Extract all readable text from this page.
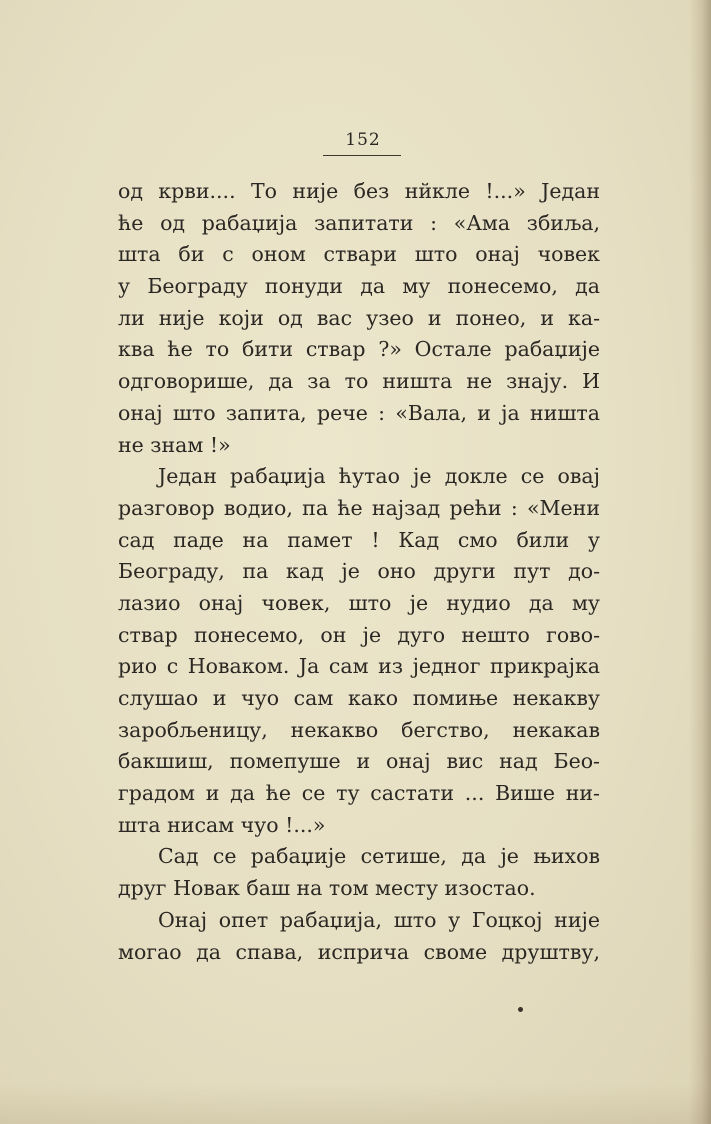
152
од крви.... То није без нйкле !...» Један
ће од рабаџија запитати : «Ама збиља,
шта би с оном ствари што онај човек
у Београду понуди да му понесемо, да
ли није који од вас узео и понео, и ка-
ква ће то бити ствар ?» Остале рабаџије
одговорише, да за то ништа не знају. И
онај што запита, рече : «Вала, и ја ништа
не знам !»
Један рабаџија ћутао је докле се овај
разговор водио, па ће најзад рећи : «Мени
сад паде на памет ! Кад смо били у
Београду, па кад је оно други пут до-
лазио онај човек, што је нудио да му
ствар понесемо, он је дуго нешто гово-
рио с Новаком. Ја сам из једног прикрајка
слушао и чуо сам како помиње некакву
заробљеницу, некакво бегство, некакав
бакшиш, помепуше и онај вис над Бео-
градом и да ће се ту састати ... Више ни-
шта нисам чуо !...»
Сад се рабаџије сетише, да је њихов
друг Новак баш на том месту изостао.
Онај опет рабаџија, што у Гоцкој није
могао да спава, исприча своме друштву,
